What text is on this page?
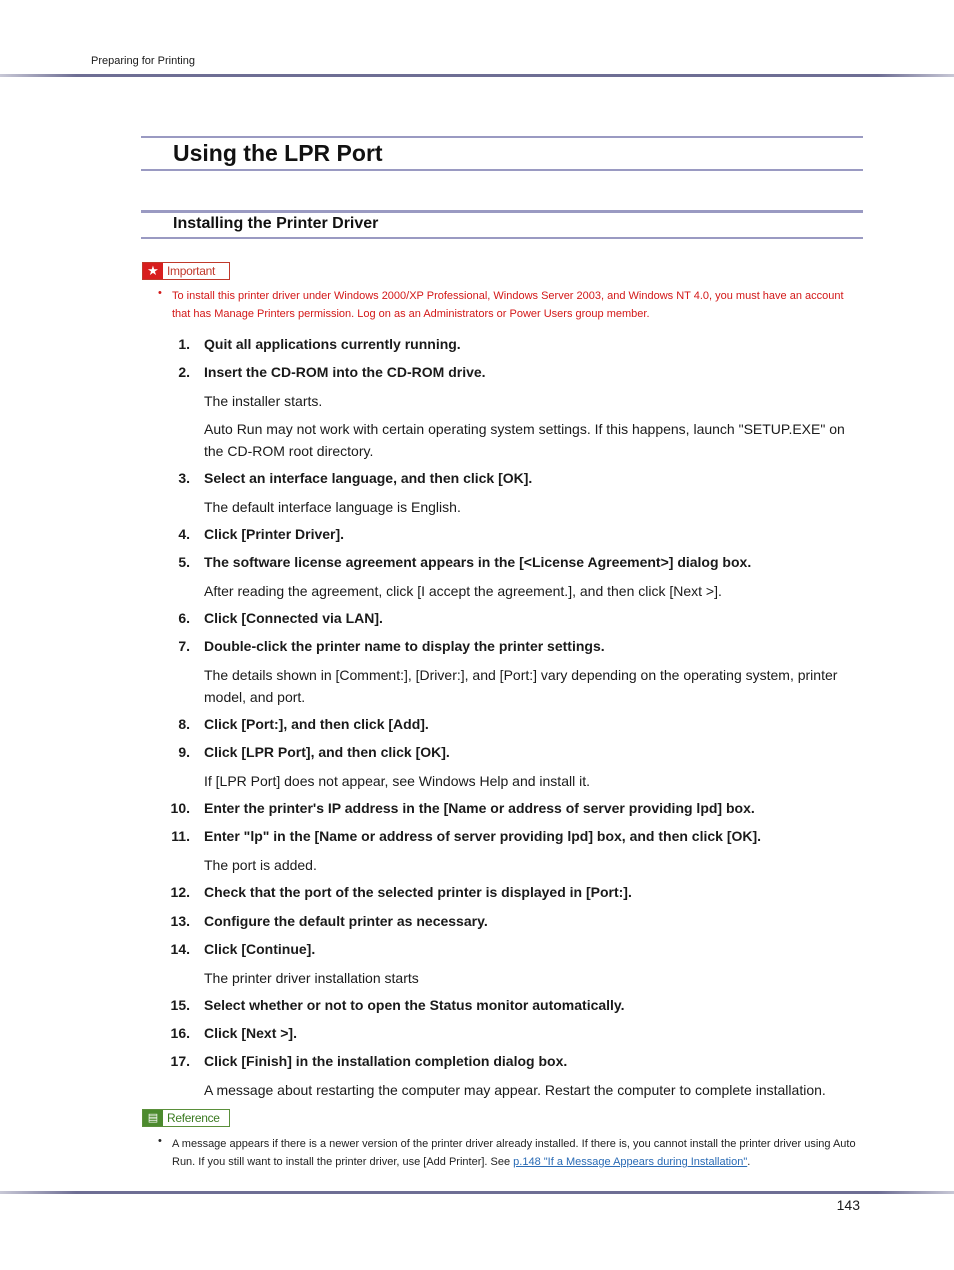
Preparing for Printing
Using the LPR Port
Installing the Printer Driver
★ Important
• To install this printer driver under Windows 2000/XP Professional, Windows Server 2003, and Windows NT 4.0, you must have an account that has Manage Printers permission. Log on as an Administrators or Power Users group member.
1. Quit all applications currently running.
2. Insert the CD-ROM into the CD-ROM drive.
The installer starts.
Auto Run may not work with certain operating system settings. If this happens, launch "SETUP.EXE" on the CD-ROM root directory.
3. Select an interface language, and then click [OK].
The default interface language is English.
4. Click [Printer Driver].
5. The software license agreement appears in the [<License Agreement>] dialog box.
After reading the agreement, click [I accept the agreement.], and then click [Next >].
6. Click [Connected via LAN].
7. Double-click the printer name to display the printer settings.
The details shown in [Comment:], [Driver:], and [Port:] vary depending on the operating system, printer model, and port.
8. Click [Port:], and then click [Add].
9. Click [LPR Port], and then click [OK].
If [LPR Port] does not appear, see Windows Help and install it.
10. Enter the printer's IP address in the [Name or address of server providing lpd] box.
11. Enter "lp" in the [Name or address of server providing lpd] box, and then click [OK].
The port is added.
12. Check that the port of the selected printer is displayed in [Port:].
13. Configure the default printer as necessary.
14. Click [Continue].
The printer driver installation starts
15. Select whether or not to open the Status monitor automatically.
16. Click [Next >].
17. Click [Finish] in the installation completion dialog box.
A message about restarting the computer may appear. Restart the computer to complete installation.
▤ Reference
• A message appears if there is a newer version of the printer driver already installed. If there is, you cannot install the printer driver using Auto Run. If you still want to install the printer driver, use [Add Printer]. See p.148 "If a Message Appears during Installation".
143
